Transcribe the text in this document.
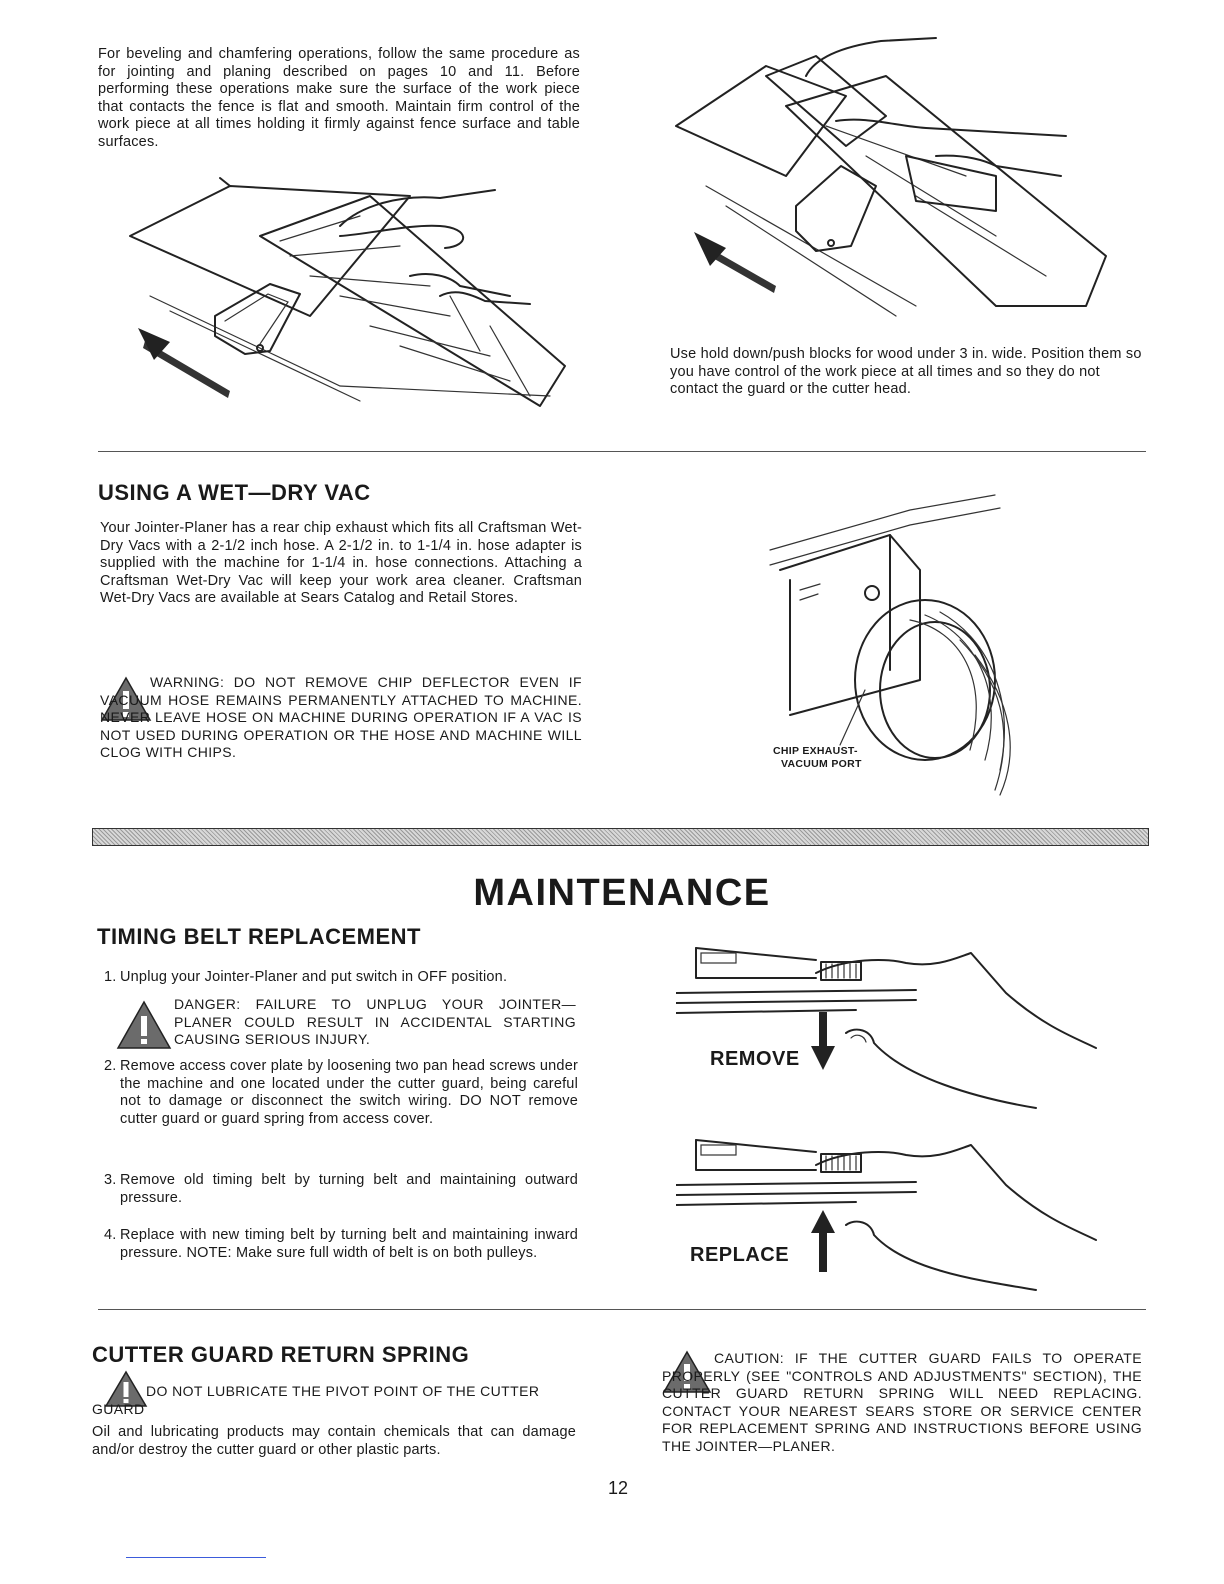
For beveling and chamfering operations, follow the same procedure as for jointing and planing described on pages 10 and 11. Before performing these operations make sure the surface of the work piece that contacts the fence is flat and smooth. Maintain firm control of the work piece at all times holding it firmly against fence surface and table surfaces.
Use hold down/push blocks for wood under 3 in. wide. Position them so you have control of the work piece at all times and so they do not contact the guard or the cutter head.
USING A WET—DRY VAC
Your Jointer-Planer has a rear chip exhaust which fits all Craftsman Wet-Dry Vacs with a 2-1/2 inch hose. A 2-1/2 in. to 1-1/4 in. hose adapter is supplied with the machine for 1-1/4 in. hose connections. Attaching a Craftsman Wet-Dry Vac will keep your work area cleaner. Craftsman Wet-Dry Vacs are available at Sears Catalog and Retail Stores.
WARNING: DO NOT REMOVE CHIP DEFLECTOR EVEN IF VACUUM HOSE REMAINS PERMANENTLY ATTACHED TO MACHINE. NEVER LEAVE HOSE ON MACHINE DURING OPERATION IF A VAC IS NOT USED DURING OPERATION OR THE HOSE AND MACHINE WILL CLOG WITH CHIPS.	CHIP EXHAUST-
VACUUM PORT
MAINTENANCE
TIMING BELT REPLACEMENT
1. Unplug your Jointer-Planer and put switch in OFF position.
DANGER: FAILURE TO UNPLUG YOUR JOINTER—PLANER COULD RESULT IN ACCIDENTAL STARTING CAUSING SERIOUS INJURY.
2. Remove access cover plate by loosening two pan head screws under the machine and one located under the cutter guard, being careful not to damage or disconnect the switch wiring. DO NOT remove cutter guard or guard spring from access cover.
3. Remove old timing belt by turning belt and maintaining outward pressure.
4. Replace with new timing belt by turning belt and maintaining inward pressure. NOTE: Make sure full width of belt is on both pulleys.
REMOVE
REPLACE
CUTTER GUARD RETURN SPRING
DO NOT LUBRICATE THE PIVOT POINT OF THE CUTTER GUARD
Oil and lubricating products may contain chemicals that can damage and/or destroy the cutter guard or other plastic parts.
CAUTION: IF THE CUTTER GUARD FAILS TO OPERATE PROPERLY (SEE "CONTROLS AND ADJUSTMENTS" SECTION), THE CUTTER GUARD RETURN SPRING WILL NEED REPLACING. CONTACT YOUR NEAREST SEARS STORE OR SERVICE CENTER FOR REPLACEMENT SPRING AND INSTRUCTIONS BEFORE USING THE JOINTER—PLANER.
12
